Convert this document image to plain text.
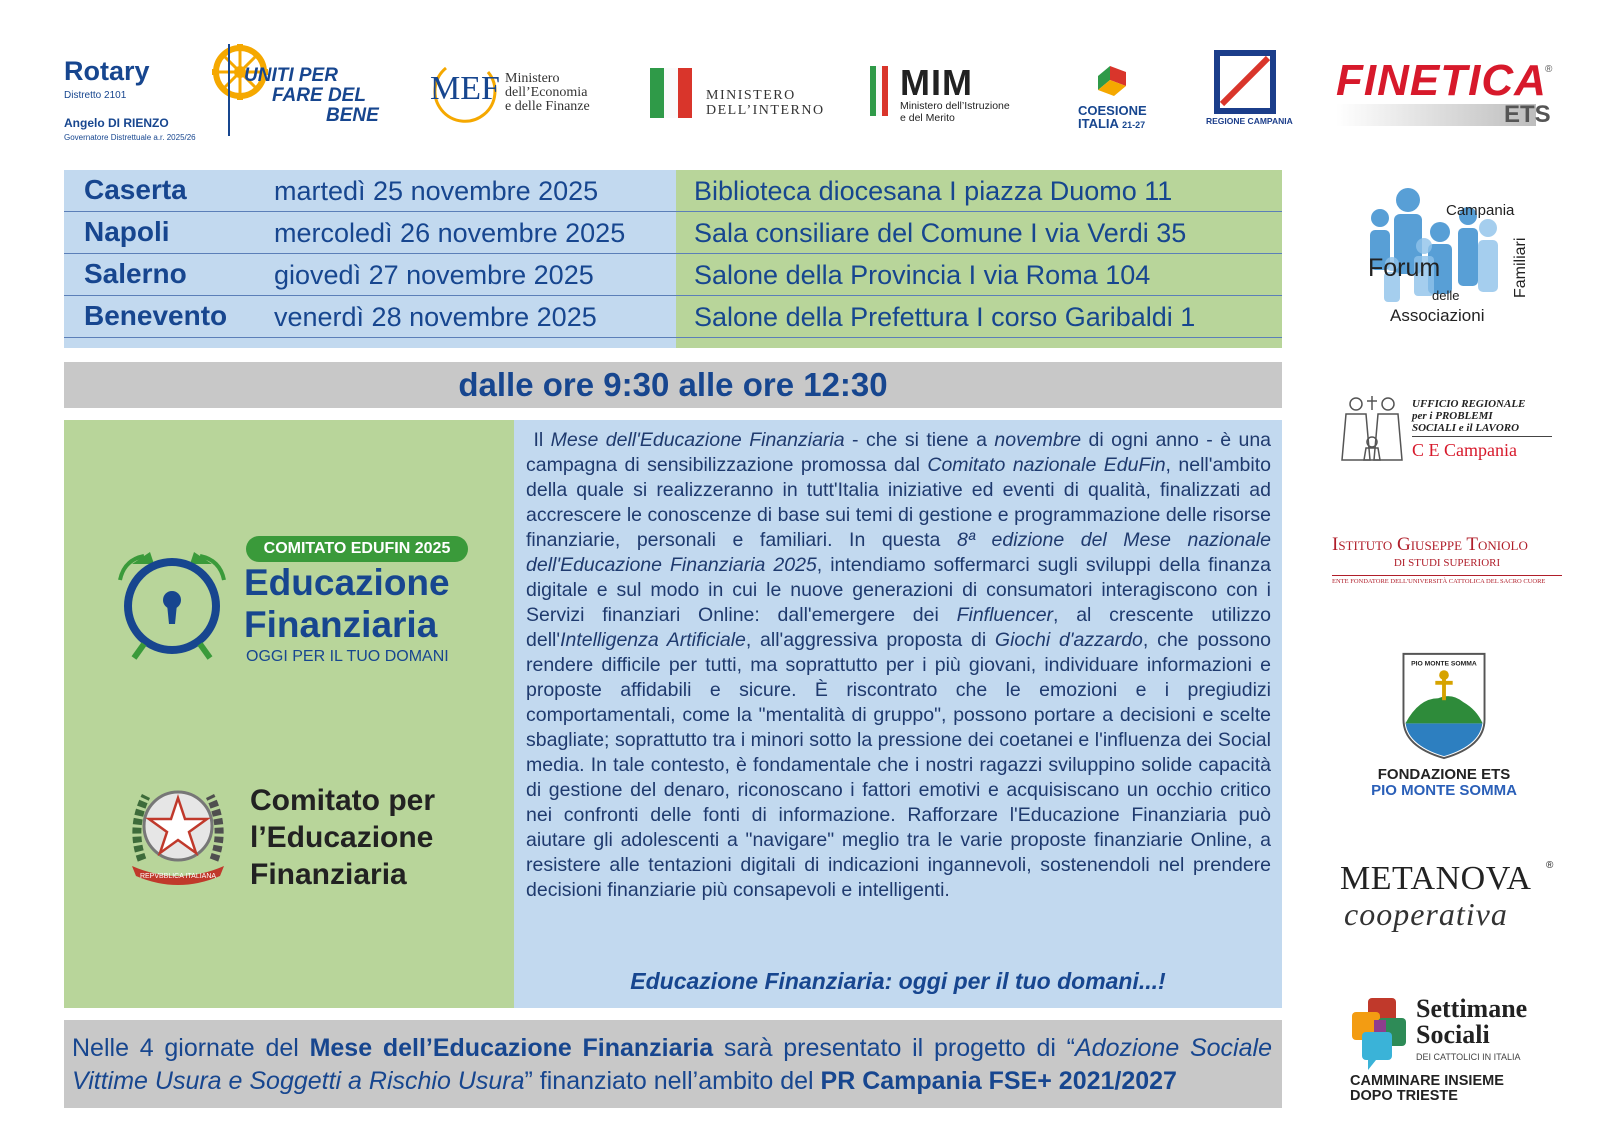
Rotary
Distretto 2101
Angelo DI RIENZO
Governatore Distrettuale a.r. 2025/26
UNITI PER
FARE DEL
BENE
MEF Ministero
dell’Economia
e delle Finanze
MINISTERO
DELL’INTERNO
MIM
Ministero dell’Istruzione
e del Merito	COESIONE
ITALIA 21-27	REGIONE CAMPANIA
FINETICA
ETS
®
Caserta	martedì 25 novembre 2025	Biblioteca diocesana I piazza Duomo 11
Napoli	mercoledì 26 novembre 2025	Sala consiliare del Comune I via Verdi 35
Salerno	giovedì 27 novembre 2025	Salone della Provincia I via Roma 104
Benevento venerdì 28 novembre 2025	Salone della Prefettura I corso Garibaldi 1
dalle ore 9:30 alle ore 12:30
COMITATO EDUFIN 2025
Educazione
Finanziaria
OGGI PER IL TUO DOMANI
REPVBBLICA ITALIANA
Comitato per
l’Educazione
Finanziaria

Il Mese dell'Educazione Finanziaria - che si tiene a novembre di ogni anno - è una campagna di sensibilizzazione promossa dal Comitato nazionale EduFin, nell'ambito della quale si realizzeranno in tutt'Italia iniziative ed eventi di qualità, finalizzati ad accrescere le conoscenze di base sui temi di gestione e programmazione delle risorse finanziarie, personali e familiari. In questa 8ª edizione del Mese nazionale dell'Educazione Finanziaria 2025, intendiamo soffermarci sugli sviluppi della finanza digitale e sul modo in cui le nuove generazioni di consumatori interagiscono con i Servizi finanziari Online: dall'emergere dei Finfluencer, al crescente utilizzo dell'Intelligenza Artificiale, all'aggressiva proposta di Giochi d'azzardo, che possono rendere difficile per tutti, ma soprattutto per i più giovani, individuare informazioni e proposte affidabili e sicure. È riscontrato che le emozioni e i pregiudizi comportamentali, come la "mentalità di gruppo", possono portare a decisioni e scelte sbagliate; soprattutto tra i minori sotto la pressione dei coetanei e l'influenza dei Social media. In tale contesto, è fondamentale che i nostri ragazzi sviluppino solide capacità di gestione del denaro, riconoscano i fattori emotivi e acquisiscano un occhio critico nei confronti delle fonti di informazione. Rafforzare l'Educazione Finanziaria può aiutare gli adolescenti a "navigare" meglio tra le varie proposte finanziarie Online, a resistere alle tentazioni digitali di indicazioni ingannevoli, sostenendoli nel prendere decisioni finanziarie più consapevoli e intelligenti.

Educazione Finanziaria: oggi per il tuo domani...!
Nelle 4 giornate del Mese dell’Educazione Finanziaria sarà presentato il progetto di “Adozione Sociale Vittime Usura e Soggetti a Rischio Usura” finanziato nell’ambito del PR Campania FSE+ 2021/2027
Campania
Forum
delle
Associazioni
Familiari
UFFICIO REGIONALE
per i PROBLEMI
SOCIALI e il LAVORO
C E Campania
Istituto Giuseppe Toniolo
DI STUDI SUPERIORI
ENTE FONDATORE DELL'UNIVERSITÀ CATTOLICA DEL SACRO CUORE
PIO MONTE SOMMA
FONDAZIONE ETS
PIO MONTE SOMMA
METANOVA
cooperativa
®
Settimane
Sociali
DEI CATTOLICI IN ITALIA
CAMMINARE INSIEME
DOPO TRIESTE
